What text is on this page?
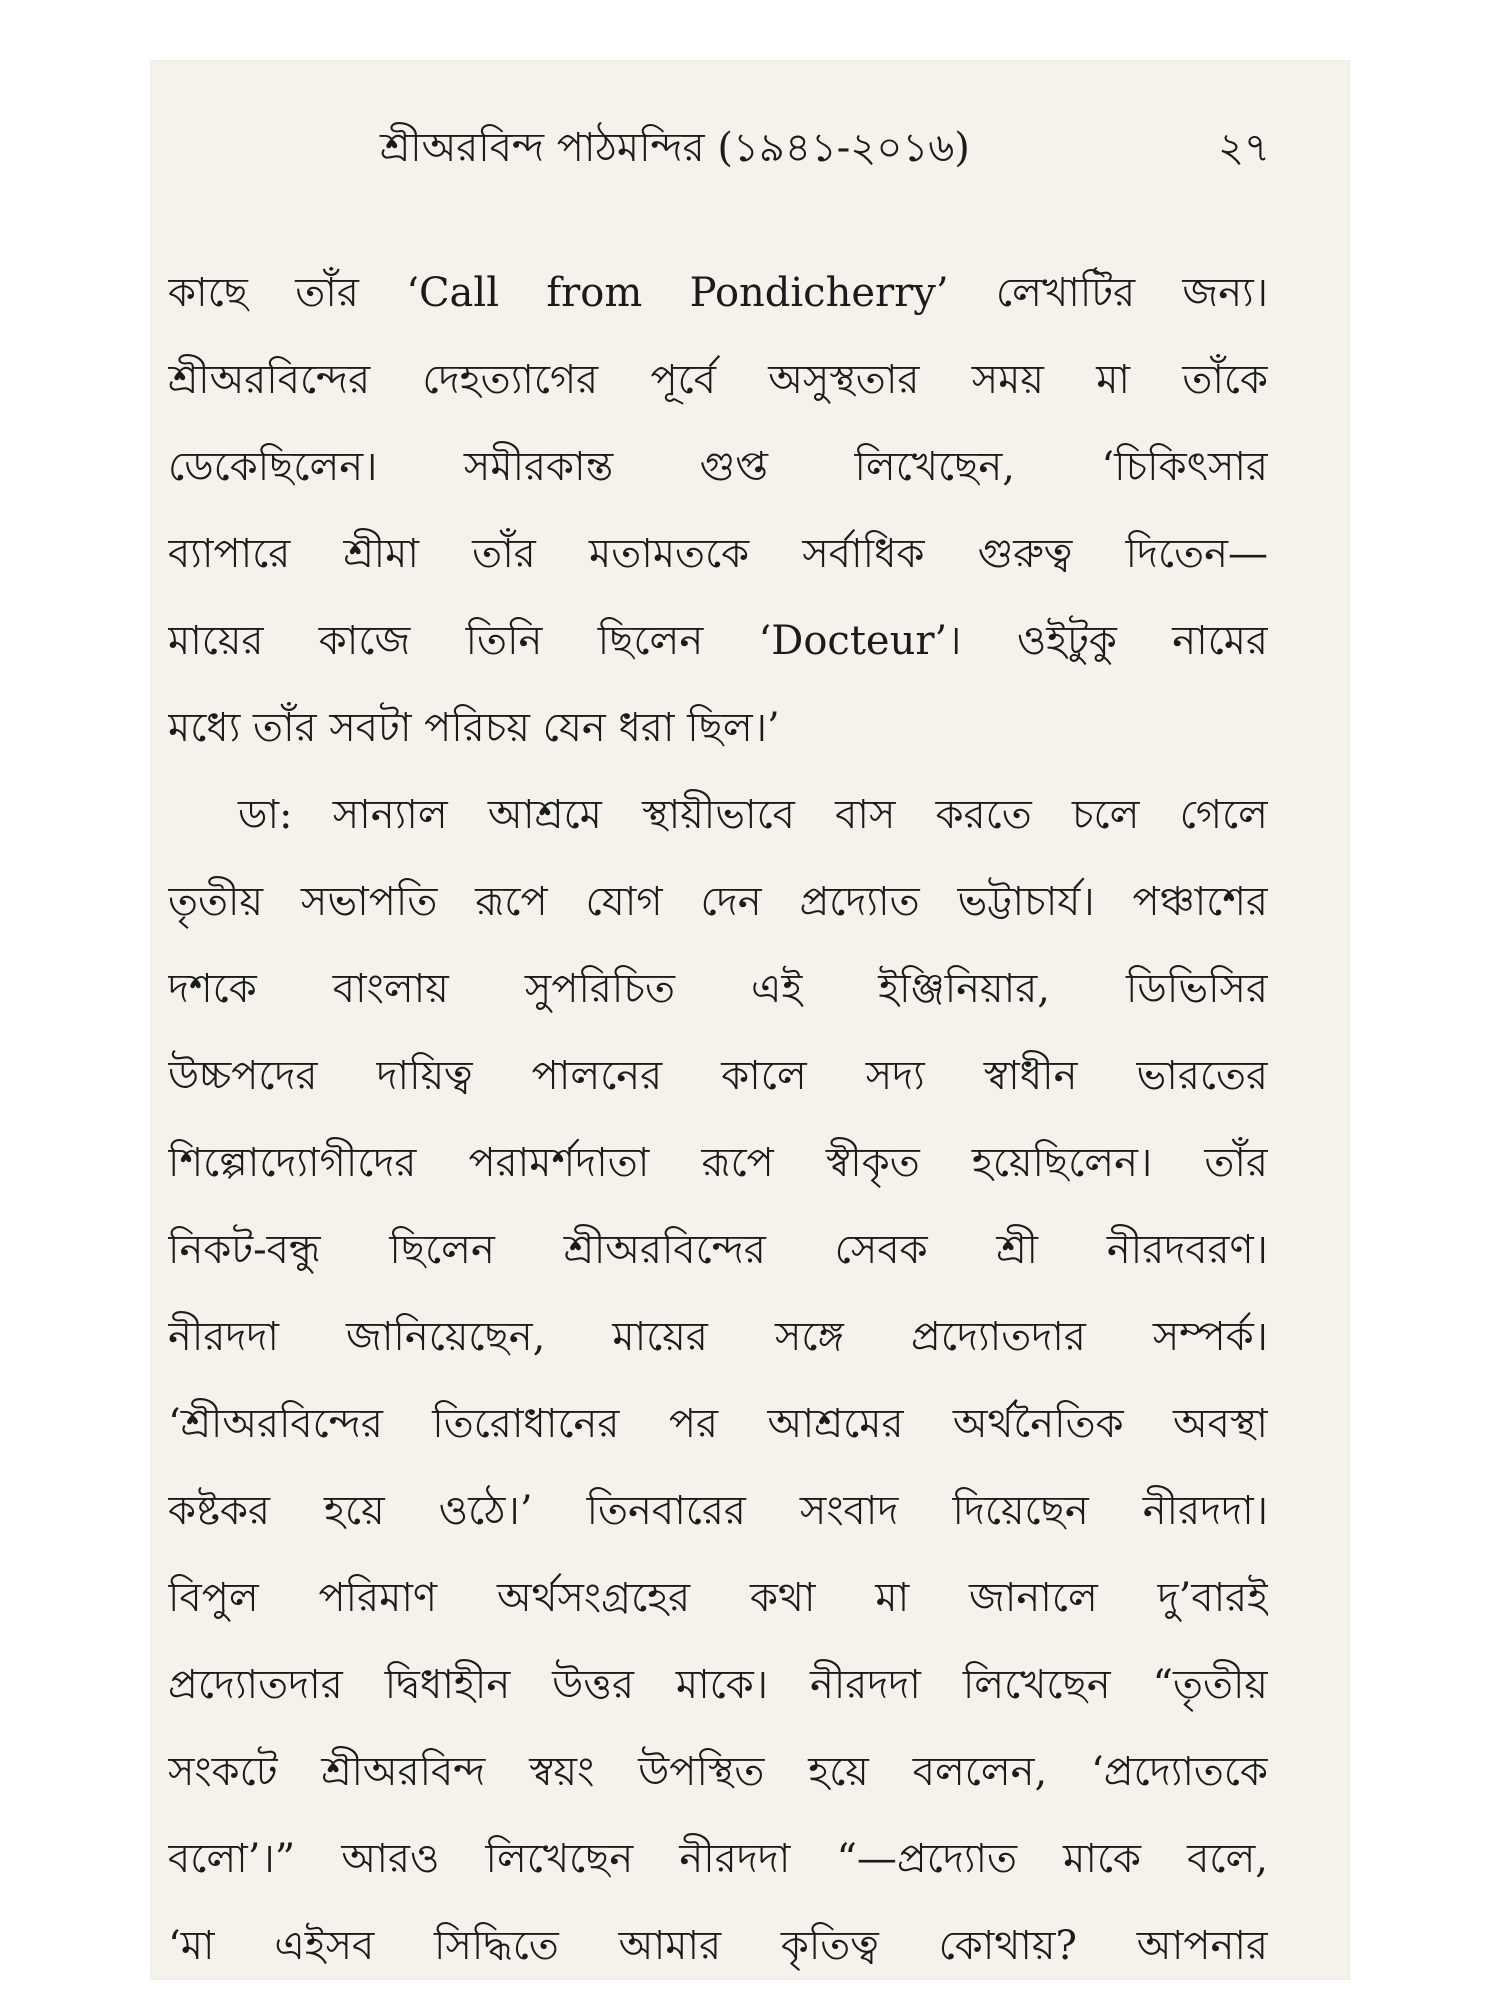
শ্রীঅরবিন্দ পাঠমন্দির (১৯৪১-২০১৬)	২৭
কাছে তাঁর ‘Call from Pondicherry’ লেখাটির জন্য।
শ্রীঅরবিন্দের দেহত্যাগের পূর্বে অসুস্থতার সময় মা তাঁকে
ডেকেছিলেন। সমীরকান্ত গুপ্ত লিখেছেন, ‘চিকিৎসার
ব্যাপারে শ্রীমা তাঁর মতামতকে সর্বাধিক গুরুত্ব দিতেন—
মায়ের কাজে তিনি ছিলেন ‘Docteur’। ওইটুকু নামের
মধ্যে তাঁর সবটা পরিচয় যেন ধরা ছিল।’
ডা: সান্যাল আশ্রমে স্থায়ীভাবে বাস করতে চলে গেলে
তৃতীয় সভাপতি রূপে যোগ দেন প্রদ্যোত ভট্টাচার্য। পঞ্চাশের
দশকে বাংলায় সুপরিচিত এই ইঞ্জিনিয়ার, ডিভিসির
উচ্চপদের দায়িত্ব পালনের কালে সদ্য স্বাধীন ভারতের
শিল্পোদ্যোগীদের পরামর্শদাতা রূপে স্বীকৃত হয়েছিলেন। তাঁর
নিকট-বন্ধু ছিলেন শ্রীঅরবিন্দের সেবক শ্রী নীরদবরণ।
নীরদদা জানিয়েছেন, মায়ের সঙ্গে প্রদ্যোতদার সম্পর্ক।
‘শ্রীঅরবিন্দের তিরোধানের পর আশ্রমের অর্থনৈতিক অবস্থা
কষ্টকর হয়ে ওঠে।’ তিনবারের সংবাদ দিয়েছেন নীরদদা।
বিপুল পরিমাণ অর্থসংগ্রহের কথা মা জানালে দু’বারই
প্রদ্যোতদার দ্বিধাহীন উত্তর মাকে। নীরদদা লিখেছেন “তৃতীয়
সংকটে শ্রীঅরবিন্দ স্বয়ং উপস্থিত হয়ে বললেন, ‘প্রদ্যোতকে
বলো’।” আরও লিখেছেন নীরদদা “—প্রদ্যোত মাকে বলে,
‘মা এইসব সিদ্ধিতে আমার কৃতিত্ব কোথায়? আপনার
